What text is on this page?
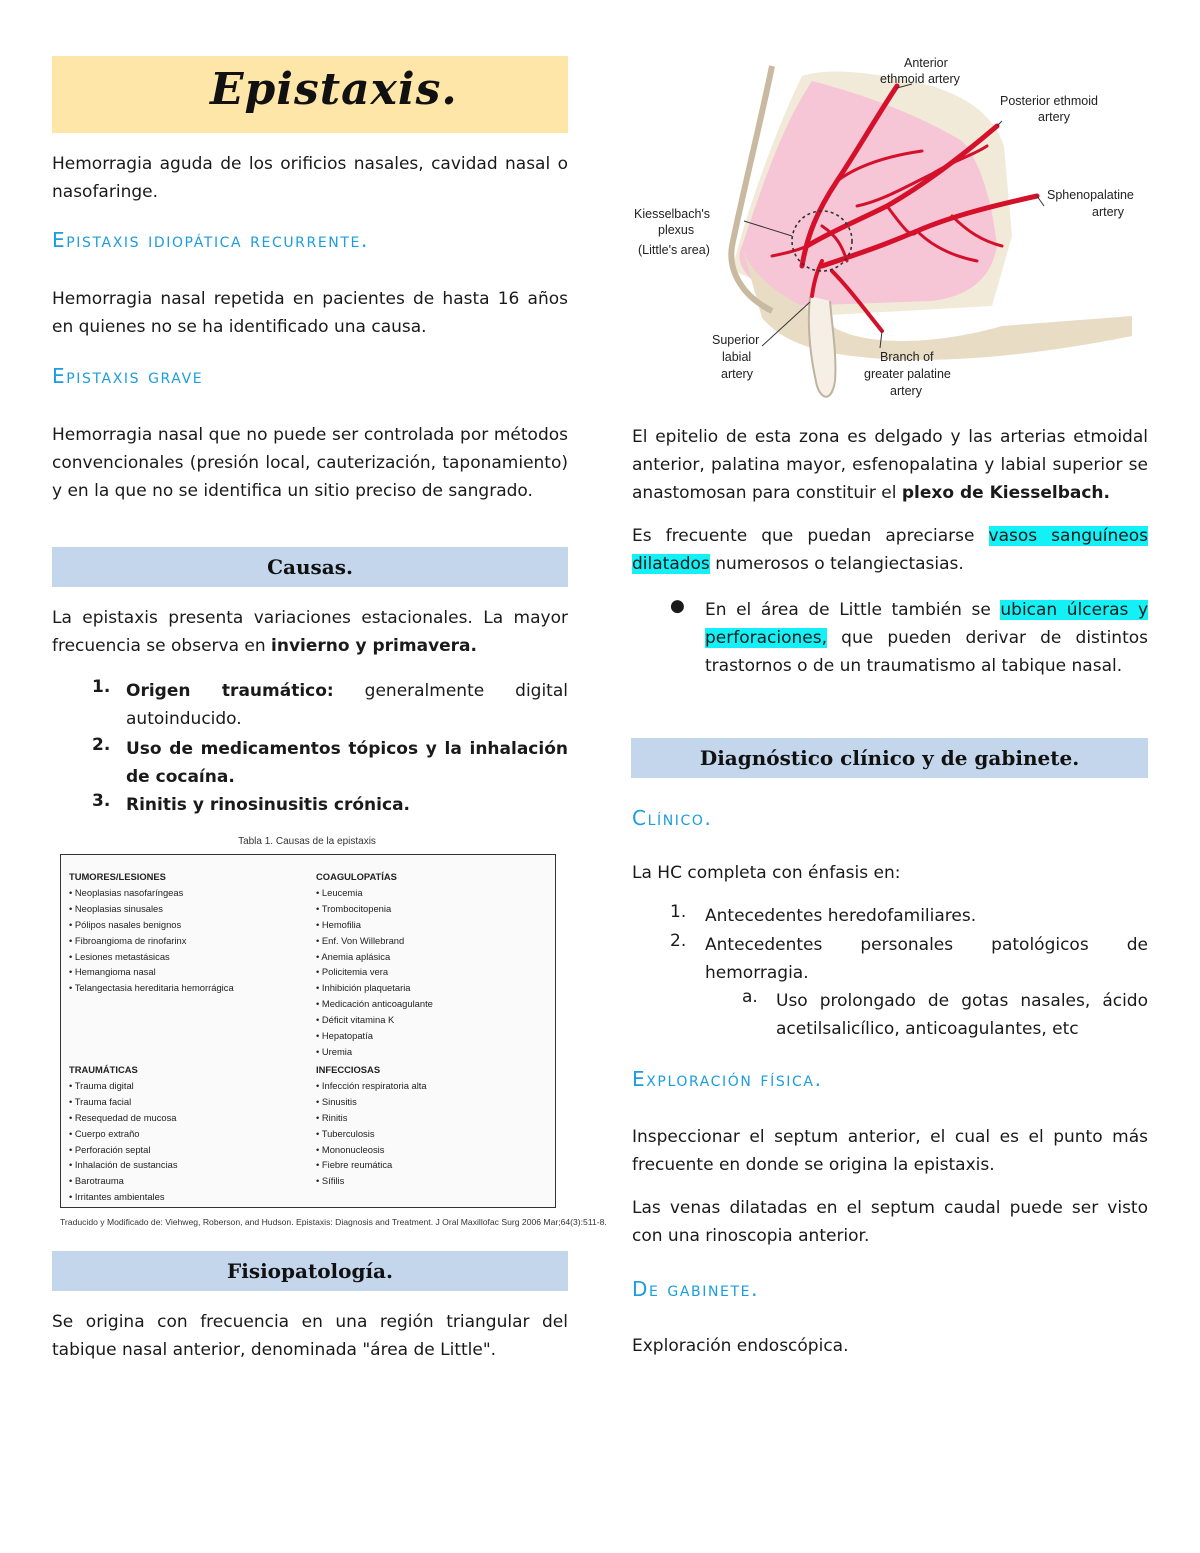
Epistaxis.

Hemorragia aguda de los orificios nasales, cavidad nasal o nasofaringe.

Epistaxis idiopática recurrente.

Hemorragia nasal repetida en pacientes de hasta 16 años en quienes no se ha identificado una causa.

Epistaxis grave

Hemorragia nasal que no puede ser controlada por métodos convencionales (presión local, cauterización, taponamiento) y en la que no se identifica un sitio preciso de sangrado.

Causas.

La epistaxis presenta variaciones estacionales. La mayor frecuencia se observa en invierno y primavera.

1. Origen traumático: generalmente digital autoinducido.

2. Uso de medicamentos tópicos y la inhalación de cocaína.

3. Rinitis y rinosinusitis crónica.

Tabla 1. Causas de la epistaxis
TUMORES/LESIONES
• Neoplasias nasofaríngeas
• Neoplasias sinusales
• Pólipos nasales benignos
• Fibroangioma de rinofarinx
• Lesiones metastásicas
• Hemangioma nasal
• Telangectasia hereditaria hemorrágica
COAGULOPATÍAS
• Leucemia
• Trombocitopenia
• Hemofilia
• Enf. Von Willebrand
• Anemia aplásica
• Policitemia vera
• Inhibición plaquetaria
• Medicación anticoagulante
• Déficit vitamina K
• Hepatopatía
• Uremia
TRAUMÁTICAS
• Trauma digital
• Trauma facial
• Resequedad de mucosa
• Cuerpo extraño
• Perforación septal
• Inhalación de sustancias
• Barotrauma
• Irritantes ambientales
INFECCIOSAS
• Infección respiratoria alta
• Sinusitis
• Rinitis
• Tuberculosis
• Mononucleosis
• Fiebre reumática
• Sífilis
Traducido y Modificado de: Viehweg, Roberson, and Hudson. Epistaxis: Diagnosis and Treatment. J Oral Maxillofac Surg 2006 Mar;64(3):511-8.
Fisiopatología.

Se origina con frecuencia en una región triangular del tabique nasal anterior, denominada "área de Little".

Anterior
ethmoid artery
Posterior ethmoid
artery
Sphenopalatine
artery
Kiesselbach's
plexus
(Little's area)
Superior
labial
artery
Branch of
greater palatine
artery

El epitelio de esta zona es delgado y las arterias etmoidal anterior, palatina mayor, esfenopalatina y labial superior se anastomosan para constituir el plexo de Kiesselbach.

Es frecuente que puedan apreciarse vasos sanguíneos dilatados numerosos o telangiectasias.

● En el área de Little también se ubican úlceras y perforaciones, que pueden derivar de distintos trastornos o de un traumatismo al tabique nasal.

Diagnóstico clínico y de gabinete.
Clínico.

La HC completa con énfasis en:

1. Antecedentes heredofamiliares.

2. Antecedentes personales patológicos de hemorragia.

a. Uso prolongado de gotas nasales, ácido acetilsalicílico, anticoagulantes, etc

Exploración física.

Inspeccionar el septum anterior, el cual es el punto más frecuente en donde se origina la epistaxis.

Las venas dilatadas en el septum caudal puede ser visto con una rinoscopia anterior.

De gabinete.

Exploración endoscópica.
